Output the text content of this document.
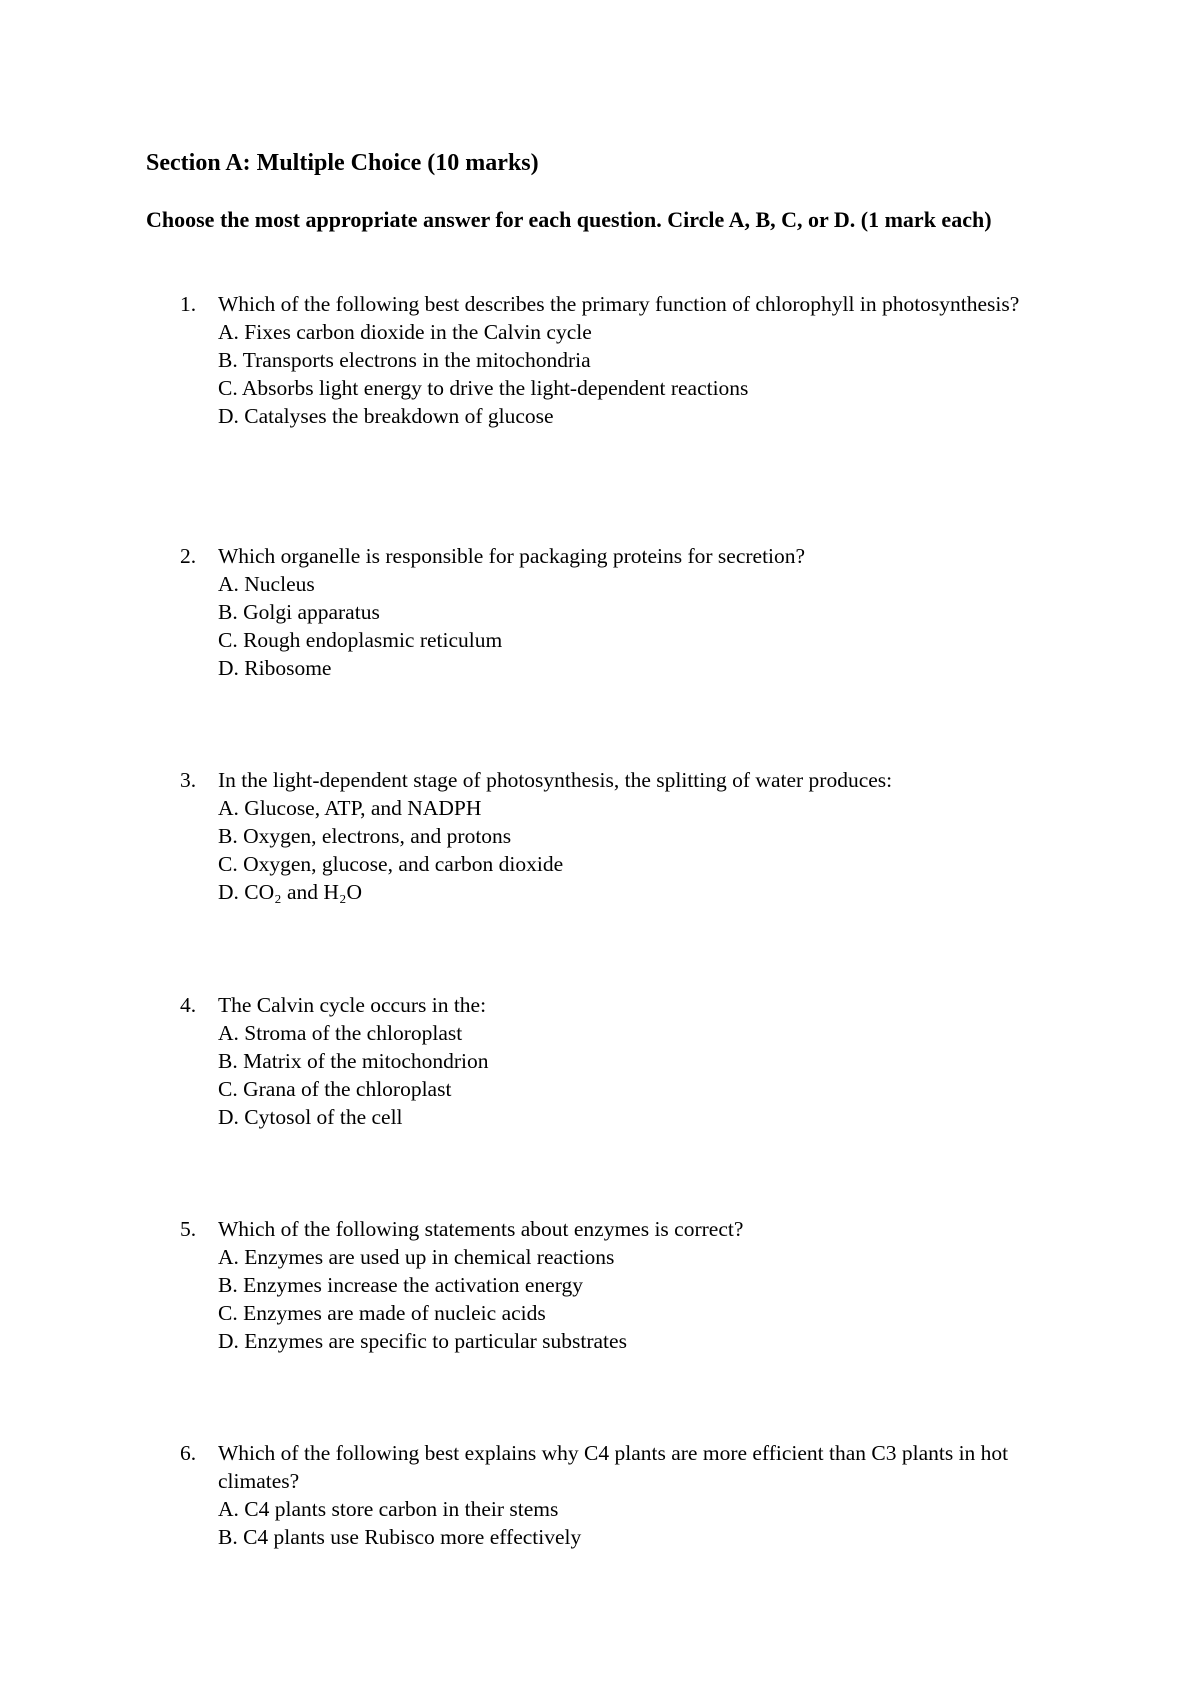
Section A: Multiple Choice (10 marks)

Choose the most appropriate answer for each question. Circle A, B, C, or D. (1 mark each)

1. Which of the following best describes the primary function of chlorophyll in photosynthesis?

A. Fixes carbon dioxide in the Calvin cycle

B. Transports electrons in the mitochondria

C. Absorbs light energy to drive the light-dependent reactions

D. Catalyses the breakdown of glucose

2. Which organelle is responsible for packaging proteins for secretion?

A. Nucleus

B. Golgi apparatus

C. Rough endoplasmic reticulum

D. Ribosome

3. In the light-dependent stage of photosynthesis, the splitting of water produces:

A. Glucose, ATP, and NADPH

B. Oxygen, electrons, and protons

C. Oxygen, glucose, and carbon dioxide

D. CO₂ and H₂O

4. The Calvin cycle occurs in the:

A. Stroma of the chloroplast

B. Matrix of the mitochondrion

C. Grana of the chloroplast

D. Cytosol of the cell

5. Which of the following statements about enzymes is correct?

A. Enzymes are used up in chemical reactions

B. Enzymes increase the activation energy

C. Enzymes are made of nucleic acids

D. Enzymes are specific to particular substrates

6. Which of the following best explains why C4 plants are more efficient than C3 plants in hot climates?

A. C4 plants store carbon in their stems

B. C4 plants use Rubisco more effectively
